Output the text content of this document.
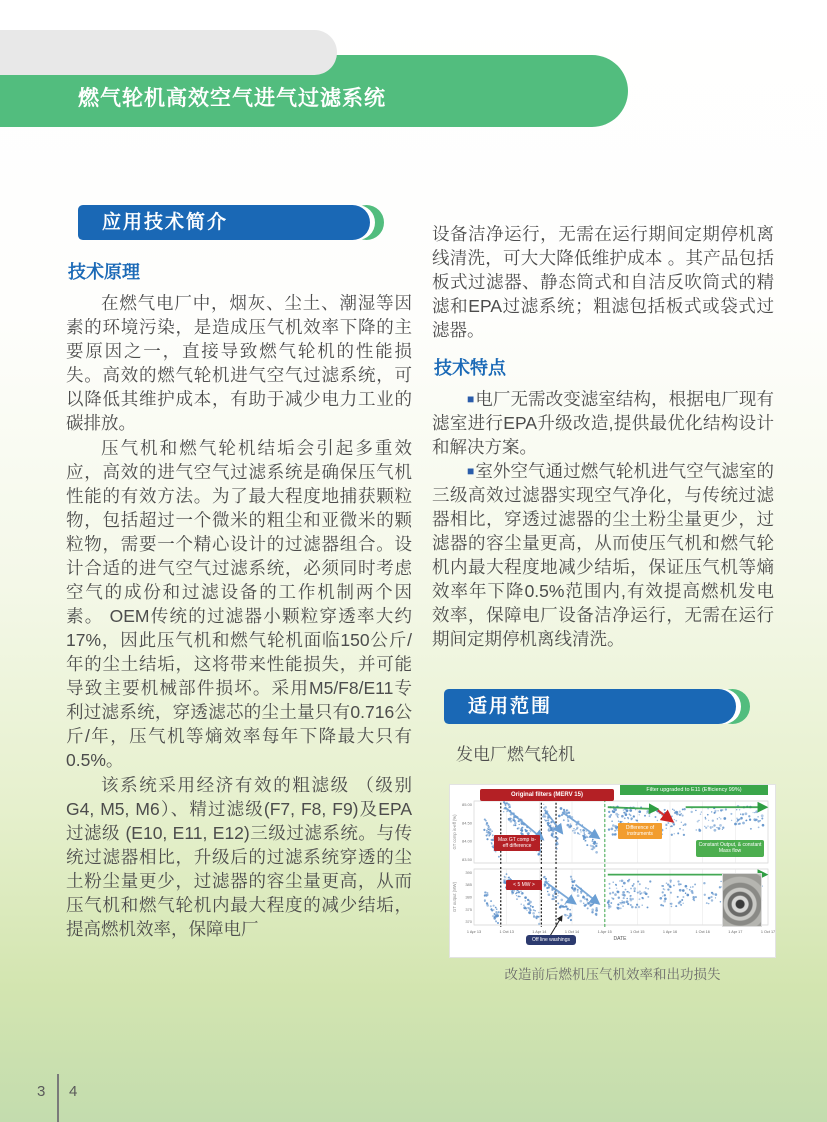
燃气轮机高效空气进气过滤系统
应用技术简介
技术原理

在燃气电厂中，烟灰、尘土、潮湿等因素的环境污染，是造成压气机效率下降的主要原因之一，直接导致燃气轮机的性能损失。高效的燃气轮机进气空气过滤系统，可以降低其维护成本，有助于减少电力工业的碳排放。

压气机和燃气轮机结垢会引起多重效应，高效的进气空气过滤系统是确保压气机性能的有效方法。为了最大程度地捕获颗粒物，包括超过一个微米的粗尘和亚微米的颗粒物，需要一个精心设计的过滤器组合。设计合适的进气空气过滤系统，必须同时考虑空气的成份和过滤设备的工作机制两个因素。 OEM传统的过滤器小颗粒穿透率大约17%，因此压气机和燃气轮机面临150公斤/年的尘土结垢，这将带来性能损失，并可能导致主要机械部件损坏。采用M5/F8/E11专利过滤系统，穿透滤芯的尘土量只有0.716公斤/年，压气机等熵效率每年下降最大只有0.5%。

该系统采用经济有效的粗滤级 （级别G4, M5, M6）、精过滤级(F7, F8, F9)及EPA过滤级 (E10, E11, E12)三级过滤系统。与传统过滤器相比，升级后的过滤系统穿透的尘土粉尘量更少，过滤器的容尘量更高，从而压气机和燃气轮机内最大程度的减少结垢，提高燃机效率，保障电厂

设备洁净运行，无需在运行期间定期停机离线清洗，可大大降低维护成本 。其产品包括板式过滤器、静态筒式和自洁反吹筒式的精滤和EPA过滤系统；粗滤包括板式或袋式过滤器。

技术特点

■电厂无需改变滤室结构，根据电厂现有滤室进行EPA升级改造,提供最优化结构设计和解决方案。

■室外空气通过燃气轮机进气空气滤室的三级高效过滤器实现空气净化，与传统过滤器相比，穿透过滤器的尘土粉尘量更少，过滤器的容尘量更高，从而使压气机和燃气轮机内最大程度地减少结垢，保证压气机等熵效率年下降0.5%范围内,有效提高燃机发电效率，保障电厂设备洁净运行，无需在运行期间定期停机离线清洗。

适用范围

发电厂燃气轮机

85.00
84.50
84.00
83.50
GT comp is-eff (%)
390
385
380
375
370
GT output (MW)
1 Apr 13	1 Oct 13	1 Apr 14	1 Oct 14	1 Apr 15	1 Oct 15	1 Apr 16	1 Oct 16	1 Apr 17	1 Oct 17
DATE
Original filters (MERV 15)
Filter upgraded to E11 (Efficiency 99%)
Max GT comp is-eff difference
< 5 MW >
Difference of instruments
Constant Output, & constant Mass flow
Off line washings
改造前后燃机压气机效率和出功损失
3 4
